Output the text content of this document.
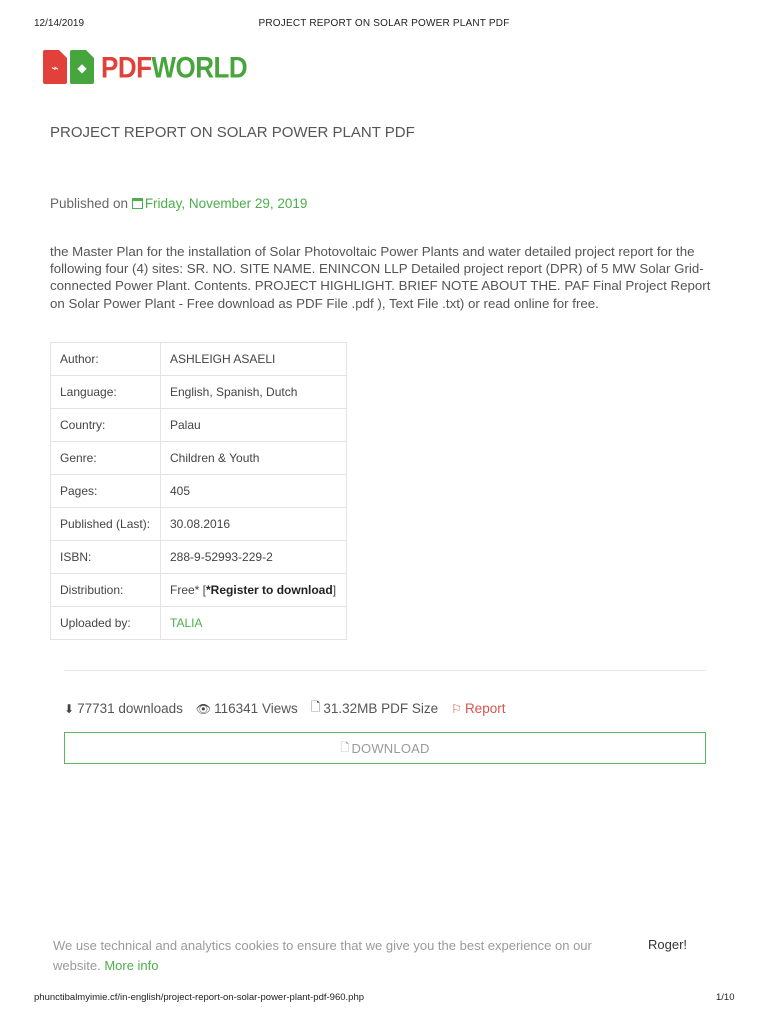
12/14/2019	PROJECT REPORT ON SOLAR POWER PLANT PDF
⌁	◆ PDFWORLD
PROJECT REPORT ON SOLAR POWER PLANT PDF
Published on Friday, November 29, 2019
the Master Plan for the installation of Solar Photovoltaic Power Plants and water detailed project report for the following four (4) sites: SR. NO. SITE NAME. ENINCON LLP Detailed project report (DPR) of 5 MW Solar Grid- connected Power Plant. Contents. PROJECT HIGHLIGHT. BRIEF NOTE ABOUT THE. PAF Final Project Report on Solar Power Plant - Free download as PDF File .pdf ), Text File .txt) or read online for free.
Author:	ASHLEIGH ASAELI
Language:	English, Spanish, Dutch
Country:	Palau
Genre:	Children & Youth
Pages:	405
Published (Last):	30.08.2016
ISBN:	288-9-52993-229-2
Distribution:	Free* [*Register to download]
Uploaded by:	TALIA
⬇ 77731 downloads 👁 116341 Views 🗋 31.32MB PDF Size ⚐ Report
🗋 DOWNLOAD
We use technical and analytics cookies to ensure that we give you the best experience on our website. More info
Roger!
phunctibalmyimie.cf/in-english/project-report-on-solar-power-plant-pdf-960.php	1/10
